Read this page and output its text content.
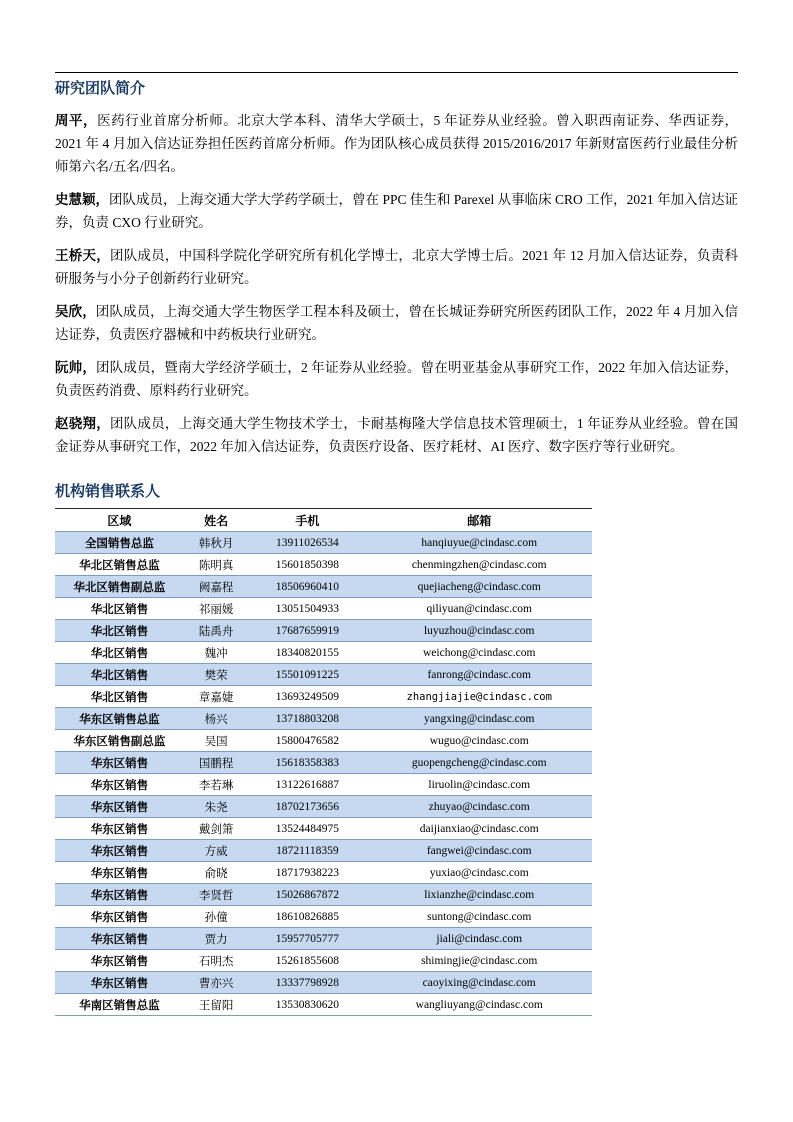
研究团队简介

周平，医药行业首席分析师。北京大学本科、清华大学硕士，5 年证券从业经验。曾入职西南证券、华西证券，2021 年 4 月加入信达证券担任医药首席分析师。作为团队核心成员获得 2015/2016/2017 年新财富医药行业最佳分析师第六名/五名/四名。

史慧颖，团队成员，上海交通大学大学药学硕士，曾在 PPC 佳生和 Parexel 从事临床 CRO 工作，2021 年加入信达证券，负责 CXO 行业研究。

王桥天，团队成员，中国科学院化学研究所有机化学博士，北京大学博士后。2021 年 12 月加入信达证券，负责科研服务与小分子创新药行业研究。

吴欣，团队成员，上海交通大学生物医学工程本科及硕士，曾在长城证券研究所医药团队工作，2022 年 4 月加入信达证券，负责医疗器械和中药板块行业研究。

阮帅，团队成员，暨南大学经济学硕士，2 年证券从业经验。曾在明亚基金从事研究工作，2022 年加入信达证券，负责医药消费、原料药行业研究。

赵骁翔，团队成员，上海交通大学生物技术学士，卡耐基梅隆大学信息技术管理硕士，1 年证券从业经验。曾在国金证券从事研究工作，2022 年加入信达证券，负责医疗设备、医疗耗材、AI 医疗、数字医疗等行业研究。

机构销售联系人
区域	姓名	手机	邮箱
全国销售总监	韩秋月	13911026534	hanqiuyue@cindasc.com
华北区销售总监	陈明真	15601850398	chenmingzhen@cindasc.com
华北区销售副总监	阙嘉程	18506960410	quejiacheng@cindasc.com
华北区销售	祁丽媛	13051504933	qiliyuan@cindasc.com
华北区销售	陆禹舟	17687659919	luyuzhou@cindasc.com
华北区销售	魏冲	18340820155	weichong@cindasc.com
华北区销售	樊荣	15501091225	fanrong@cindasc.com
华北区销售	章嘉婕	13693249509	zhangjiajie@cindasc.com
华东区销售总监	杨兴	13718803208	yangxing@cindasc.com
华东区销售副总监	吴国	15800476582	wuguo@cindasc.com
华东区销售	国鹏程	15618358383	guopengcheng@cindasc.com
华东区销售	李若琳	13122616887	liruolin@cindasc.com
华东区销售	朱尧	18702173656	zhuyao@cindasc.com
华东区销售	戴剑箫	13524484975	daijianxiao@cindasc.com
华东区销售	方威	18721118359	fangwei@cindasc.com
华东区销售	俞晓	18717938223	yuxiao@cindasc.com
华东区销售	李贤哲	15026867872	lixianzhe@cindasc.com
华东区销售	孙僮	18610826885	suntong@cindasc.com
华东区销售	贾力	15957705777	jiali@cindasc.com
华东区销售	石明杰	15261855608	shimingjie@cindasc.com
华东区销售	曹亦兴	13337798928	caoyixing@cindasc.com
华南区销售总监	王留阳	13530830620	wangliuyang@cindasc.com
